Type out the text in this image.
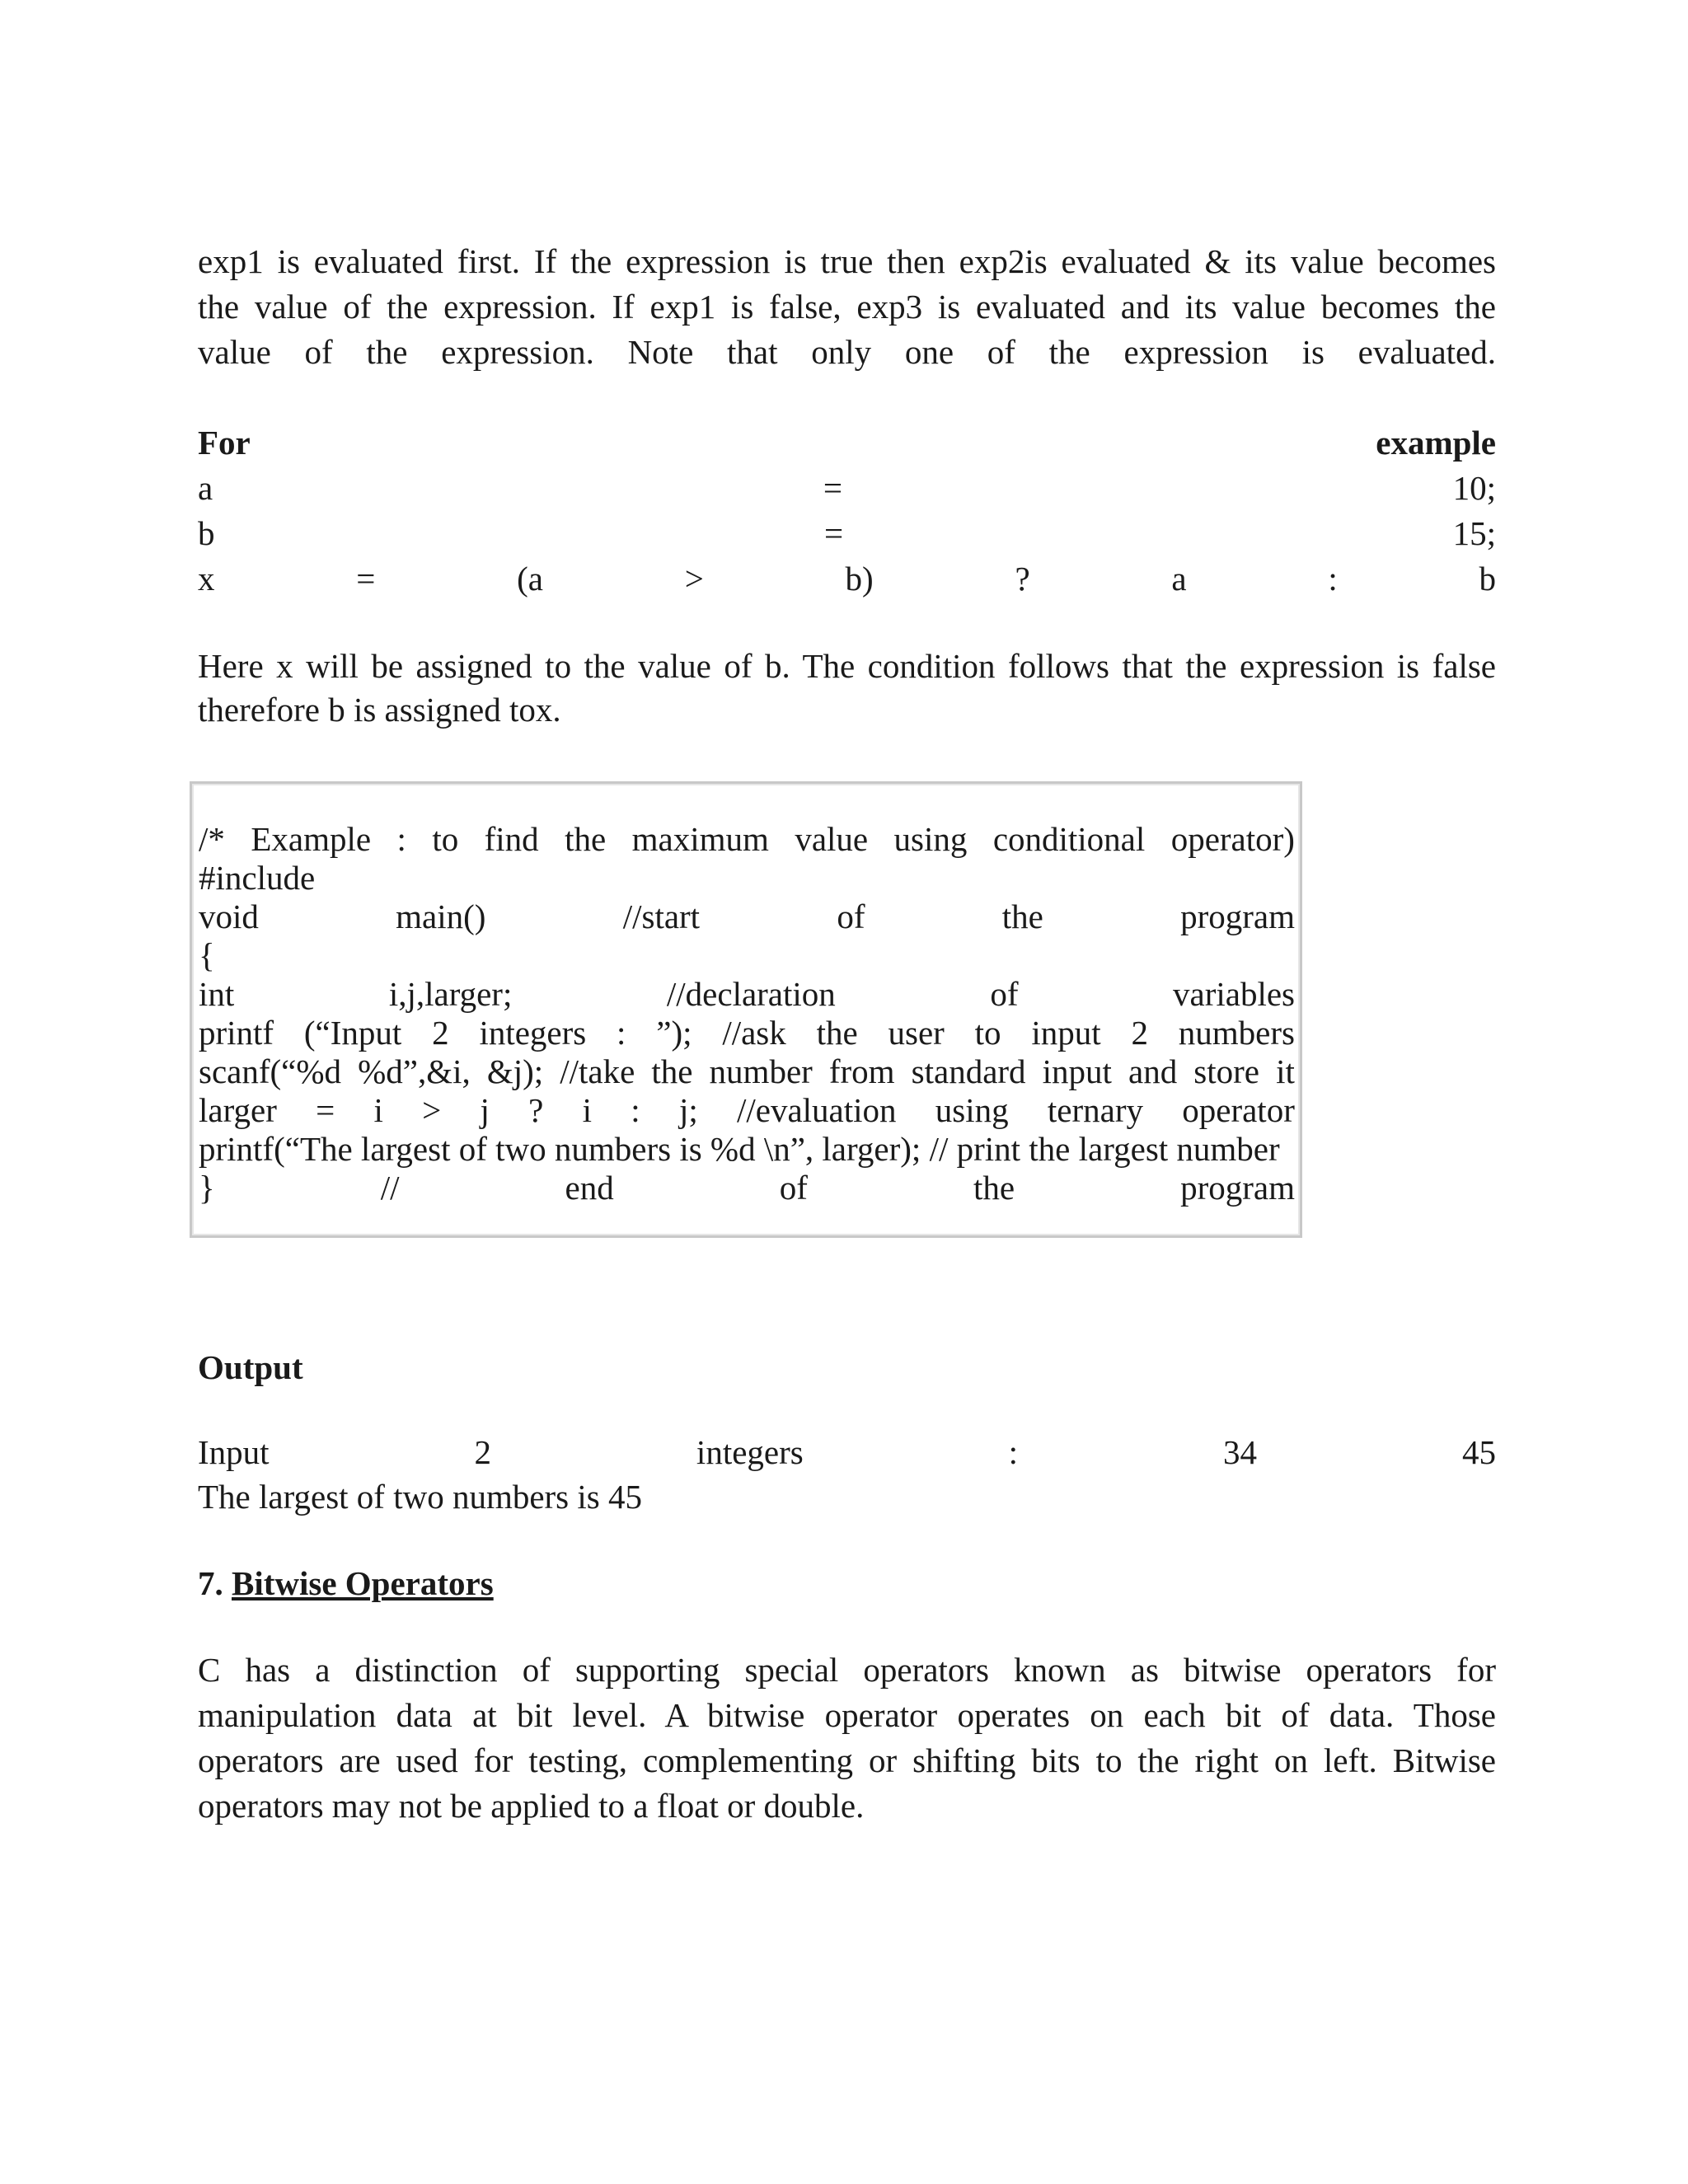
exp1 is evaluated first. If the expression is true then exp2is evaluated & its value becomes
the value of the expression. If exp1 is false, exp3 is evaluated and its value becomes the
value of the expression. Note that only one of the expression is evaluated.
For	example
a	=	10;
b	=	15;
x	=	(a	>	b)	?	a	:	b
Here x will be assigned to the value of b. The condition follows that the expression is false
therefore b is assigned tox.
/* Example : to find the maximum value using conditional operator)
#include
void	main()	//start	of	the	program
{
int	i,j,larger;	//declaration	of	variables
printf (“Input 2 integers : ”); //ask the user to input 2 numbers
scanf(“%d %d”,&i, &j); //take the number from standard input and store it
larger = i > j ? i : j; //evaluation using ternary operator
printf(“The largest of two numbers is %d \n”, larger); // print the largest number
}	//	end	of	the	program
Output
Input	2	integers	:	34	45
The largest of two numbers is 45
7. Bitwise Operators
C has a distinction of supporting special operators known as bitwise operators for
manipulation data at bit level. A bitwise operator operates on each bit of data. Those
operators are used for testing, complementing or shifting bits to the right on left. Bitwise
operators may not be applied to a float or double.
